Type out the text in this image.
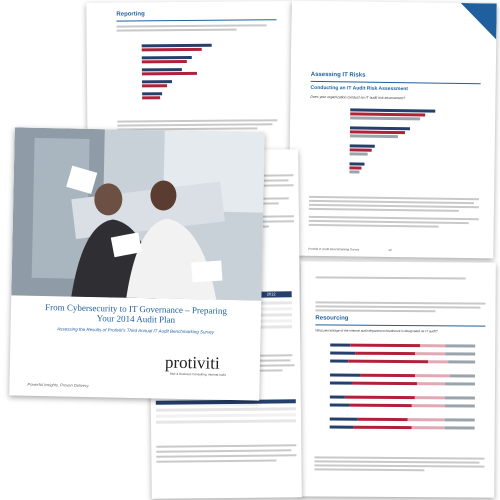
Reporting
Assessing IT Risks
Conducting an IT Audit Risk Assessment
Does your organization conduct an IT audit risk assessment?
Protiviti IT Audit Benchmarking Survey	12
Resourcing
What percentage of the internal audit department headcount is designated as IT audit?
2012
From Cybersecurity to IT Governance – Preparing Your 2014 Audit Plan
Assessing the Results of Protiviti's Third Annual IT Audit Benchmarking Survey
protiviti
Risk & Business Consulting. Internal Audit.
Powerful Insights. Proven Delivery.
